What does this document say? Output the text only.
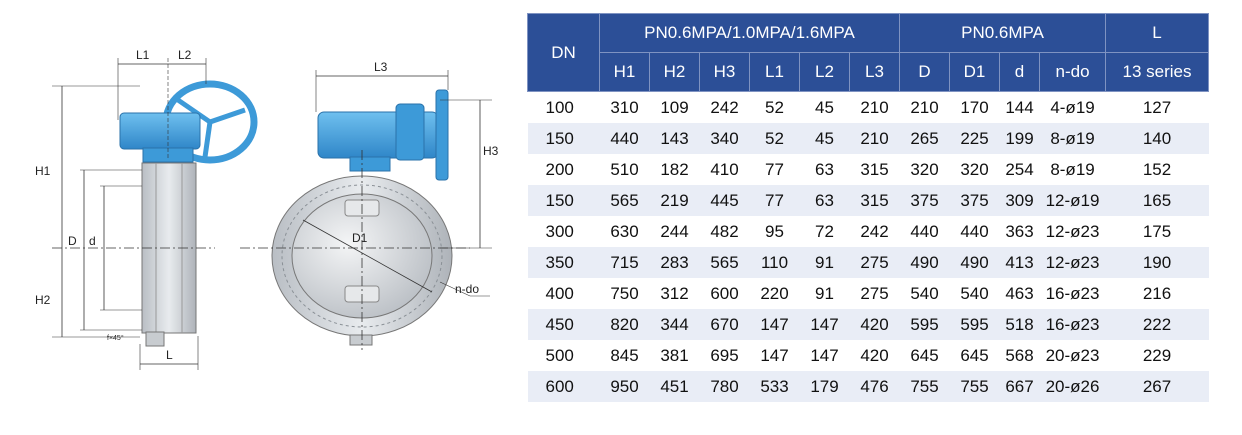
L1 L2
H1
H2
D d
f×45°
L
L3
H3
D1
n-do
DN	PN0.6MPA/1.0MPA/1.6MPA						PN0.6MPA				L
	H1	H2	H3	L1	L2	L3	D	D1	d	n-do	13 series
100	310	109	242	52	45	210	210	170	144	4-ø19	127
150	440	143	340	52	45	210	265	225	199	8-ø19	140
200	510	182	410	77	63	315	320	320	254	8-ø19	152
150	565	219	445	77	63	315	375	375	309	12-ø19	165
300	630	244	482	95	72	242	440	440	363	12-ø23	175
350	715	283	565	110	91	275	490	490	413	12-ø23	190
400	750	312	600	220	91	275	540	540	463	16-ø23	216
450	820	344	670	147	147	420	595	595	518	16-ø23	222
500	845	381	695	147	147	420	645	645	568	20-ø23	229
600	950	451	780	533	179	476	755	755	667	20-ø26	267
